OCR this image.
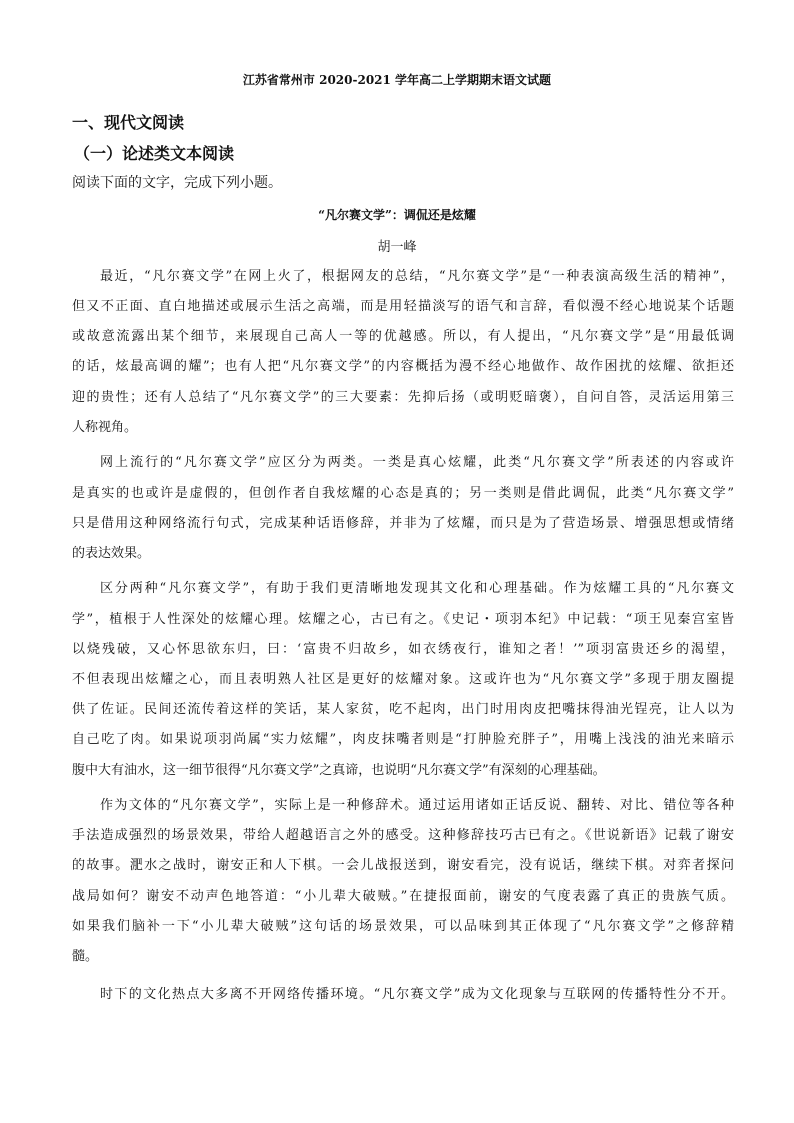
江苏省常州市 2020-2021 学年高二上学期期末语文试题
一、现代文阅读
（一）论述类文本阅读
阅读下面的文字，完成下列小题。
“凡尔赛文学”：调侃还是炫耀
胡一峰
最近，“凡尔赛文学”在网上火了，根据网友的总结，“凡尔赛文学”是“一种表演高级生活的精神”，
但又不正面、直白地描述或展示生活之高端，而是用轻描淡写的语气和言辞，看似漫不经心地说某个话题
或故意流露出某个细节，来展现自己高人一等的优越感。所以，有人提出，“凡尔赛文学”是“用最低调
的话，炫最高调的耀”；也有人把“凡尔赛文学”的内容概括为漫不经心地做作、故作困扰的炫耀、欲拒还
迎的贵性；还有人总结了“凡尔赛文学”的三大要素：先抑后扬（或明贬暗褒），自问自答，灵活运用第三
人称视角。
网上流行的“凡尔赛文学”应区分为两类。一类是真心炫耀，此类“凡尔赛文学”所表述的内容或许
是真实的也或许是虚假的，但创作者自我炫耀的心态是真的；另一类则是借此调侃，此类“凡尔赛文学”
只是借用这种网络流行句式，完成某种话语修辞，并非为了炫耀，而只是为了营造场景、增强思想或情绪
的表达效果。
区分两种“凡尔赛文学”，有助于我们更清晰地发现其文化和心理基础。作为炫耀工具的“凡尔赛文
学”，植根于人性深处的炫耀心理。炫耀之心，古已有之。《史记・项羽本纪》中记载：“项王见秦宫室皆
以烧残破，又心怀思欲东归，曰：‘富贵不归故乡，如衣绣夜行，谁知之者！’”项羽富贵还乡的渴望，
不但表现出炫耀之心，而且表明熟人社区是更好的炫耀对象。这或许也为“凡尔赛文学”多现于朋友圈提
供了佐证。民间还流传着这样的笑话，某人家贫，吃不起肉，出门时用肉皮把嘴抹得油光锃亮，让人以为
自己吃了肉。如果说项羽尚属“实力炫耀”，肉皮抹嘴者则是“打肿脸充胖子”，用嘴上浅浅的油光来暗示
腹中大有油水，这一细节很得“凡尔赛文学”之真谛，也说明“凡尔赛文学”有深刻的心理基础。
作为文体的“凡尔赛文学”，实际上是一种修辞术。通过运用诸如正话反说、翻转、对比、错位等各种
手法造成强烈的场景效果，带给人超越语言之外的感受。这种修辞技巧古已有之。《世说新语》记载了谢安
的故事。淝水之战时，谢安正和人下棋。一会儿战报送到，谢安看完，没有说话，继续下棋。对弈者探问
战局如何？谢安不动声色地答道：“小儿辈大破贼。”在捷报面前，谢安的气度表露了真正的贵族气质。
如果我们脑补一下“小儿辈大破贼”这句话的场景效果，可以品味到其正体现了“凡尔赛文学”之修辞精
髓。
时下的文化热点大多离不开网络传播环境。“凡尔赛文学”成为文化现象与互联网的传播特性分不开。
